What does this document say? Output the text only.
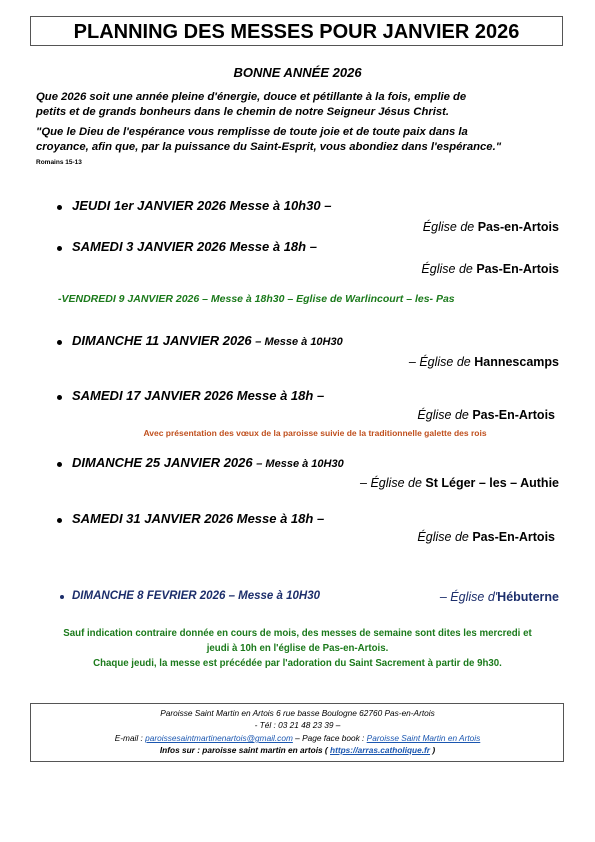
PLANNING DES MESSES POUR JANVIER 2026
BONNE ANNÉE 2026
Que 2026 soit une année pleine d'énergie, douce et pétillante à la fois, emplie de
petits et de grands bonheurs dans le chemin de notre Seigneur Jésus Christ.
"Que le Dieu de l'espérance vous remplisse de toute joie et de toute paix dans la
croyance, afin que, par la puissance du Saint-Esprit, vous abondiez dans l'espérance."
Romains 15-13
JEUDI 1er JANVIER 2026 Messe à 10h30 –
Église de Pas-en-Artois
SAMEDI 3 JANVIER 2026 Messe à 18h –
Église de Pas-En-Artois
-VENDREDI 9 JANVIER 2026 – Messe à 18h30 – Eglise de Warlincourt – les- Pas
DIMANCHE 11 JANVIER 2026 – Messe à 10H30
– Église de Hannescamps
SAMEDI 17 JANVIER 2026 Messe à 18h –
Église de Pas-En-Artois
Avec présentation des vœux de la paroisse suivie de la traditionnelle galette des rois
DIMANCHE 25 JANVIER 2026 – Messe à 10H30
– Église de St Léger – les – Authie
SAMEDI 31 JANVIER 2026 Messe à 18h –
Église de Pas-En-Artois
DIMANCHE 8 FEVRIER 2026 – Messe à 10H30	– Église d'Hébuterne
Sauf indication contraire donnée en cours de mois, des messes de semaine sont dites les mercredi et
jeudi à 10h en l'église de Pas-en-Artois.
Chaque jeudi, la messe est précédée par l'adoration du Saint Sacrement à partir de 9h30.
Paroisse Saint Martin en Artois 6 rue basse Boulogne 62760 Pas-en-Artois
- Tél : 03 21 48 23 39 –
E-mail : paroissesaintmartinenartois@gmail.com – Page face book : Paroisse Saint Martin en Artois
Infos sur : paroisse saint martin en artois ( https://arras.catholique.fr )
